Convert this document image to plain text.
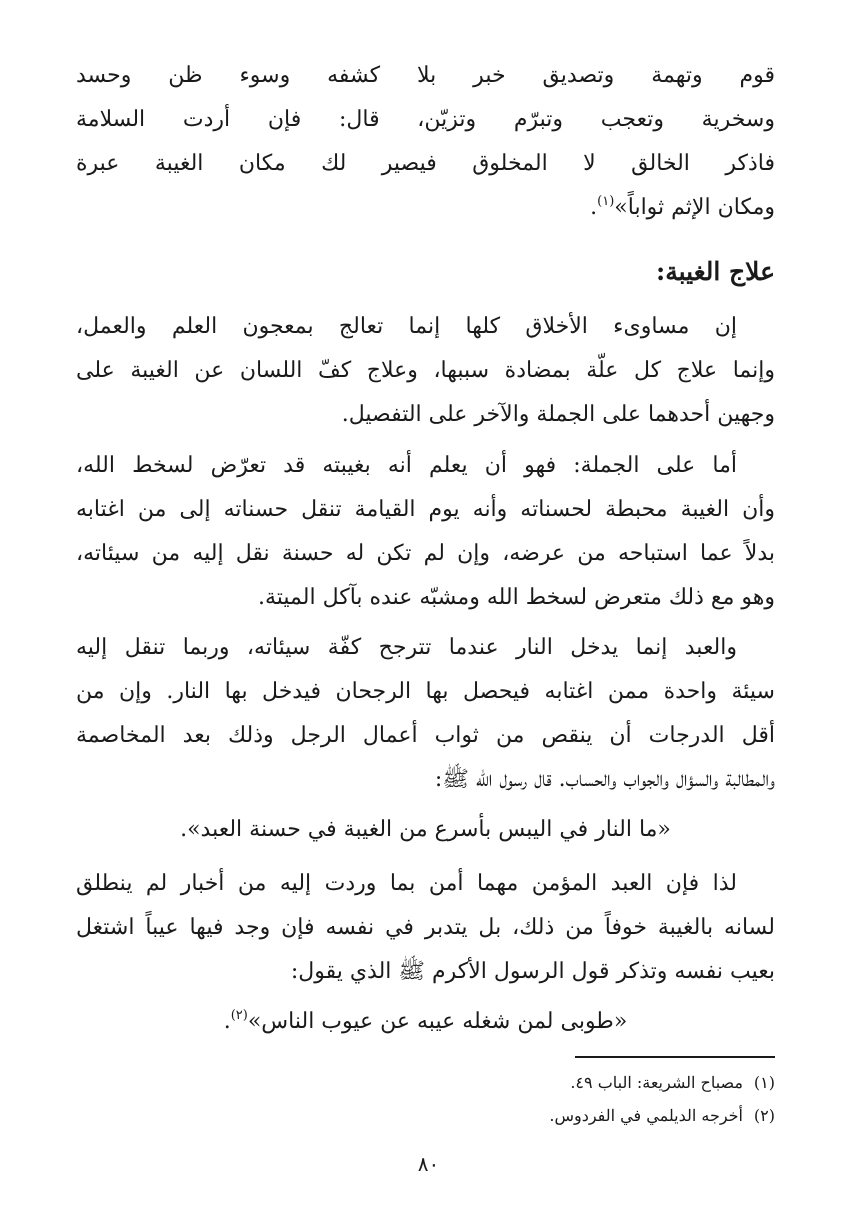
قوم وتهمة وتصديق خبر بلا كشفه وسوء ظن وحسد
وسخرية وتعجب وتبرّم وتزيّن، قال: فإن أردت السلامة
فاذكر الخالق لا المخلوق فيصير لك مكان الغيبة عبرة
ومكان الإثم ثواباً»$^{(١)}$.
علاج الغيبة:
إن مساوىء الأخلاق كلها إنما تعالج بمعجون العلم والعمل،
وإنما علاج كل علّة بمضادة سببها، وعلاج كفّ اللسان عن الغيبة على
وجهين أحدهما على الجملة والآخر على التفصيل.
أما على الجملة: فهو أن يعلم أنه بغيبته قد تعرّض لسخط الله،
وأن الغيبة محبطة لحسناته وأنه يوم القيامة تنقل حسناته إلى من اغتابه
بدلاً عما استباحه من عرضه، وإن لم تكن له حسنة نقل إليه من سيئاته،
وهو مع ذلك متعرض لسخط الله ومشبّه عنده بآكل الميتة.
والعبد إنما يدخل النار عندما تترجح كفّة سيئاته، وربما تنقل إليه
سيئة واحدة ممن اغتابه فيحصل بها الرجحان فيدخل بها النار. وإن من
أقل الدرجات أن ينقص من ثواب أعمال الرجل وذلك بعد المخاصمة
والمطالبة والسؤال والجواب والحساب. قال رسول الله ﷺ:
«ما النار في اليبس بأسرع من الغيبة في حسنة العبد».
لذا فإن العبد المؤمن مهما أمن بما وردت إليه من أخبار لم ينطلق
لسانه بالغيبة خوفاً من ذلك، بل يتدبر في نفسه فإن وجد فيها عيباً اشتغل
بعيب نفسه وتذكر قول الرسول الأكرم ﷺ الذي يقول:
«طوبى لمن شغله عيبه عن عيوب الناس»$^{(٢)}$.
(١)مصباح الشريعة: الباب ٤٩.
(٢)أخرجه الديلمي في الفردوس.
٨٠
